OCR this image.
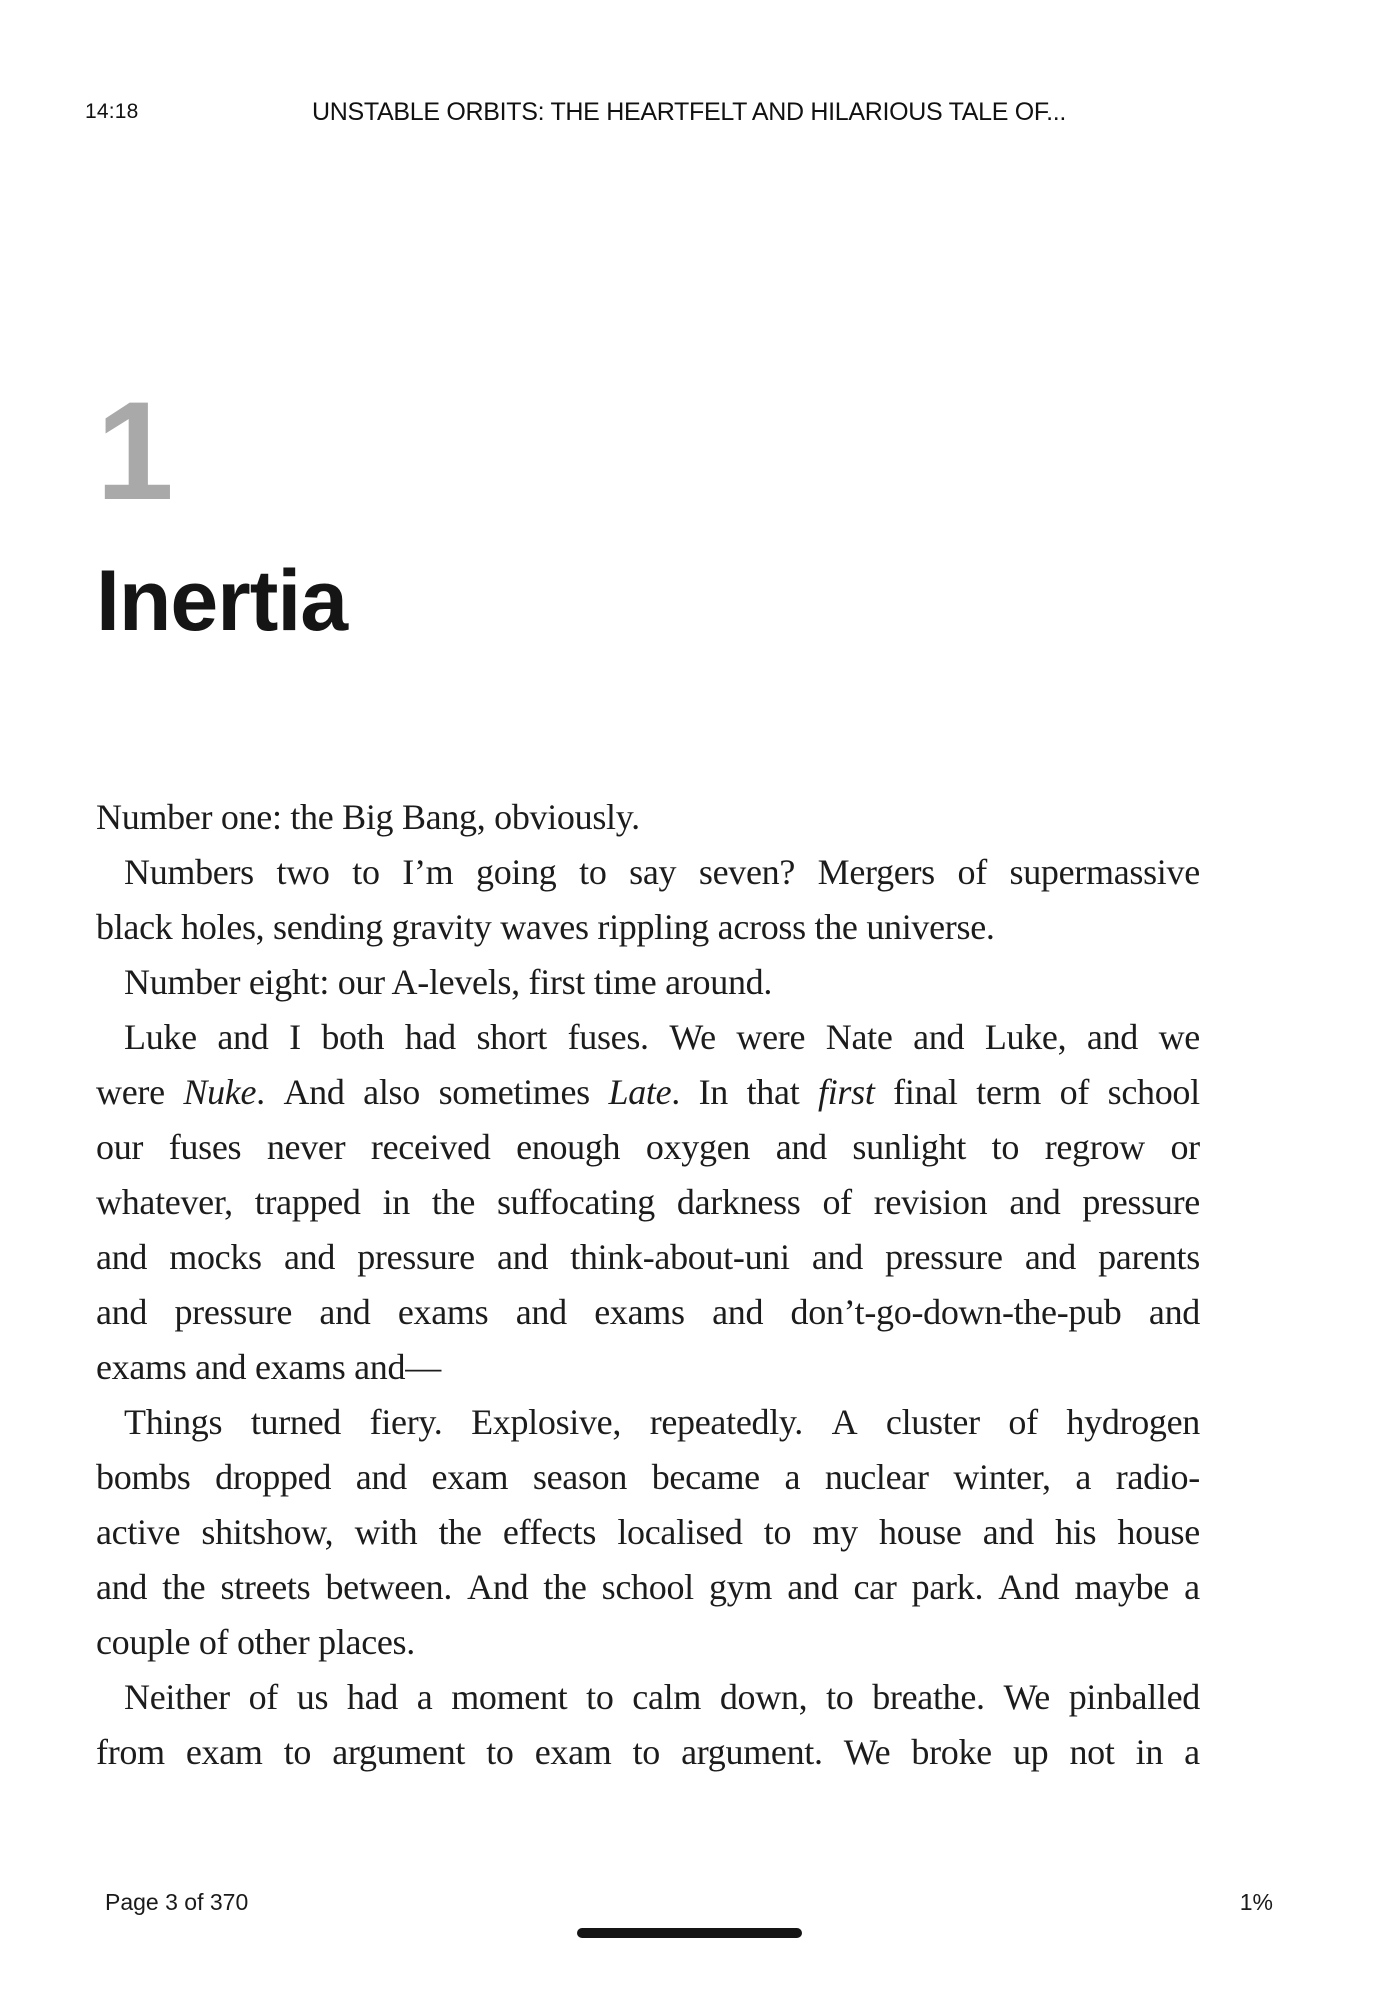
14:18	UNSTABLE ORBITS: THE HEARTFELT AND HILARIOUS TALE OF...
1
Inertia
Number one: the Big Bang, obviously.
Numbers two to I’m going to say seven? Mergers of supermassive
black holes, sending gravity waves rippling across the universe.
Number eight: our A-levels, first time around.
Luke and I both had short fuses. We were Nate and Luke, and we
were Nuke. And also sometimes Late. In that first final term of school
our fuses never received enough oxygen and sunlight to regrow or
whatever, trapped in the suffocating darkness of revision and pressure
and mocks and pressure and think-about-uni and pressure and parents
and pressure and exams and exams and don’t-go-down-the-pub and
exams and exams and—
Things turned fiery. Explosive, repeatedly. A cluster of hydrogen
bombs dropped and exam season became a nuclear winter, a radio-
active shitshow, with the effects localised to my house and his house
and the streets between. And the school gym and car park. And maybe a
couple of other places.
Neither of us had a moment to calm down, to breathe. We pinballed
from exam to argument to exam to argument. We broke up not in a
Page 3 of 370	1%
